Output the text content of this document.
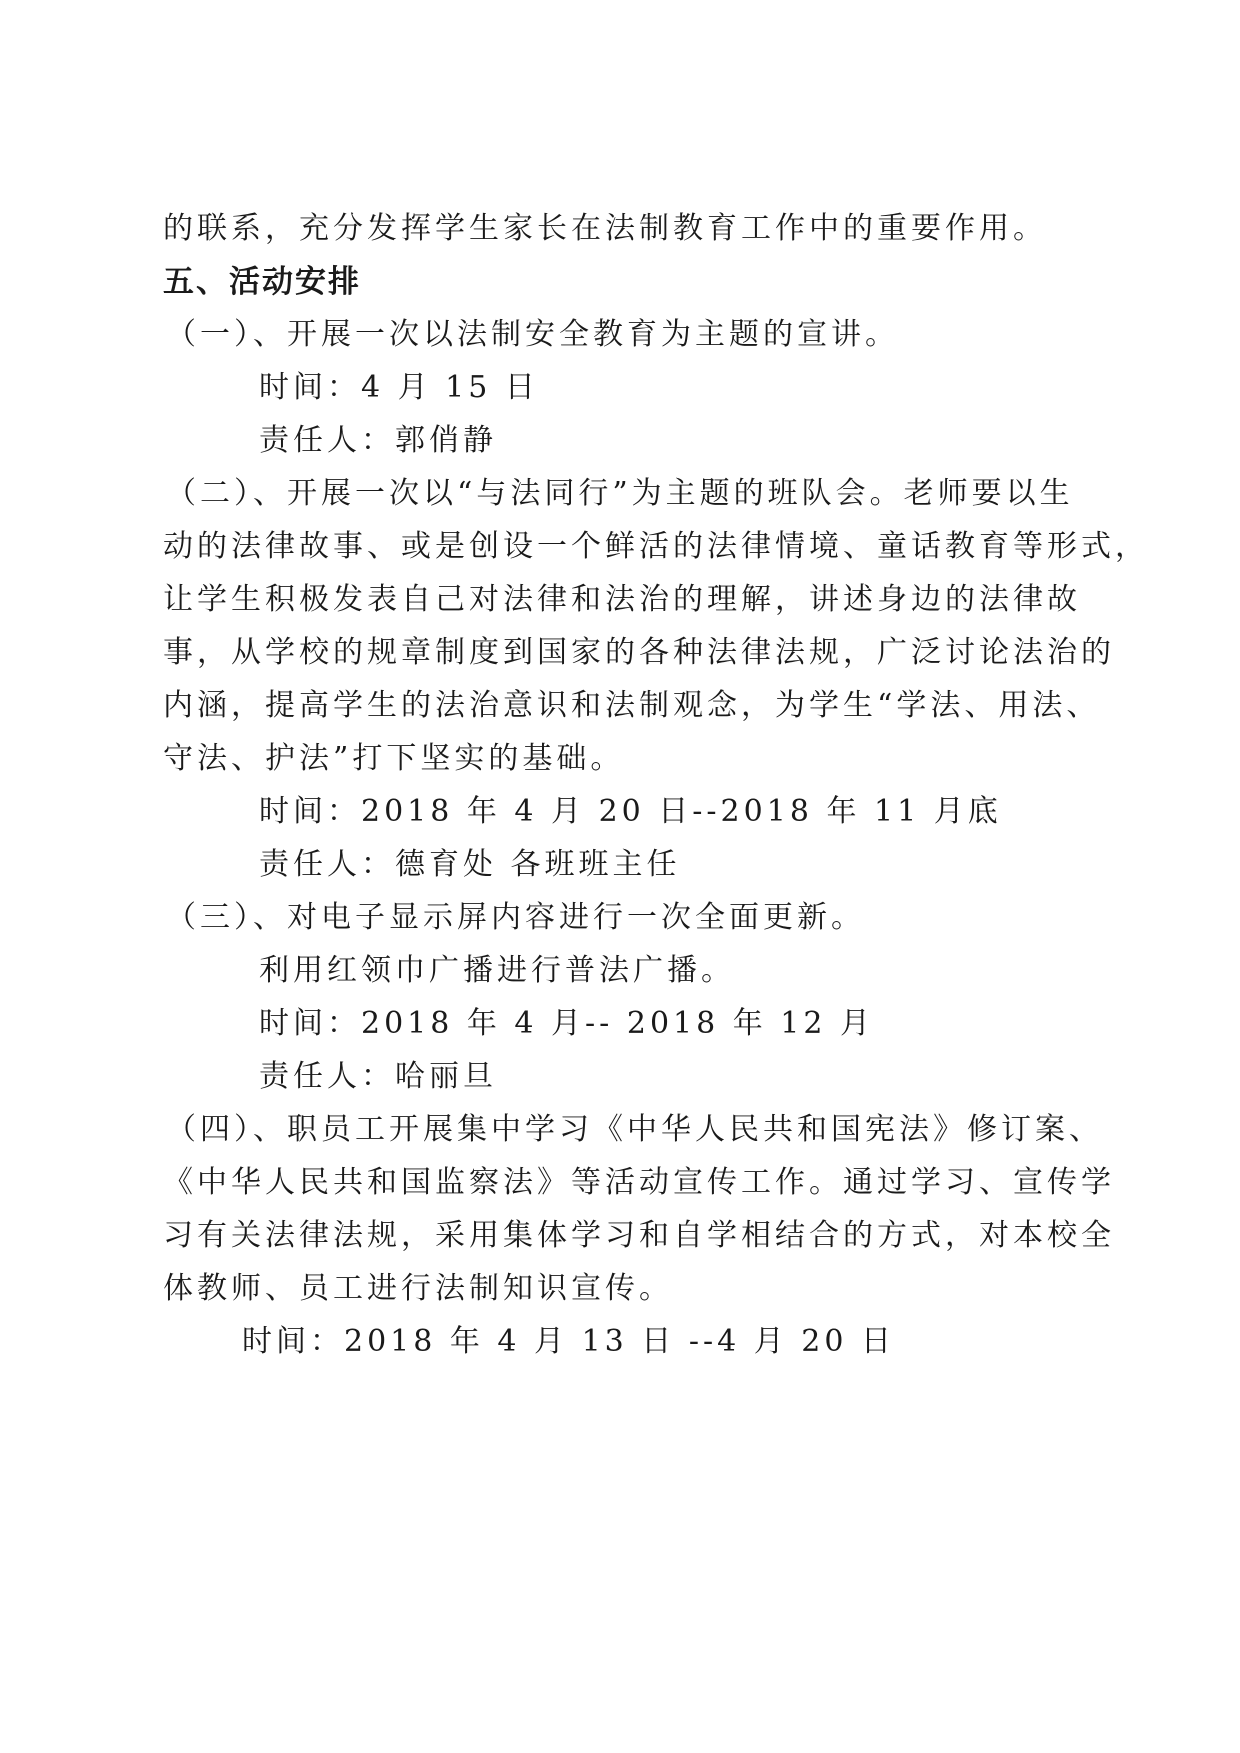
的联系，充分发挥学生家长在法制教育工作中的重要作用。
五、活动安排
（一）、开展一次以法制安全教育为主题的宣讲。
时间：4 月 15 日
责任人：郭俏静
（二）、开展一次以“与法同行”为主题的班队会。老师要以生
动的法律故事、或是创设一个鲜活的法律情境、童话教育等形式，
让学生积极发表自己对法律和法治的理解，讲述身边的法律故
事，从学校的规章制度到国家的各种法律法规，广泛讨论法治的
内涵，提高学生的法治意识和法制观念，为学生“学法、用法、
守法、护法”打下坚实的基础。
时间：2018 年 4 月 20 日--2018 年 11 月底
责任人：德育处 各班班主任
（三）、对电子显示屏内容进行一次全面更新。
利用红领巾广播进行普法广播。
时间：2018 年 4 月-- 2018 年 12 月
责任人：哈丽旦
（四）、职员工开展集中学习《中华人民共和国宪法》修订案、
《中华人民共和国监察法》等活动宣传工作。通过学习、宣传学
习有关法律法规，采用集体学习和自学相结合的方式，对本校全
体教师、员工进行法制知识宣传。
时间：2018 年 4 月 13 日 --4 月 20 日
